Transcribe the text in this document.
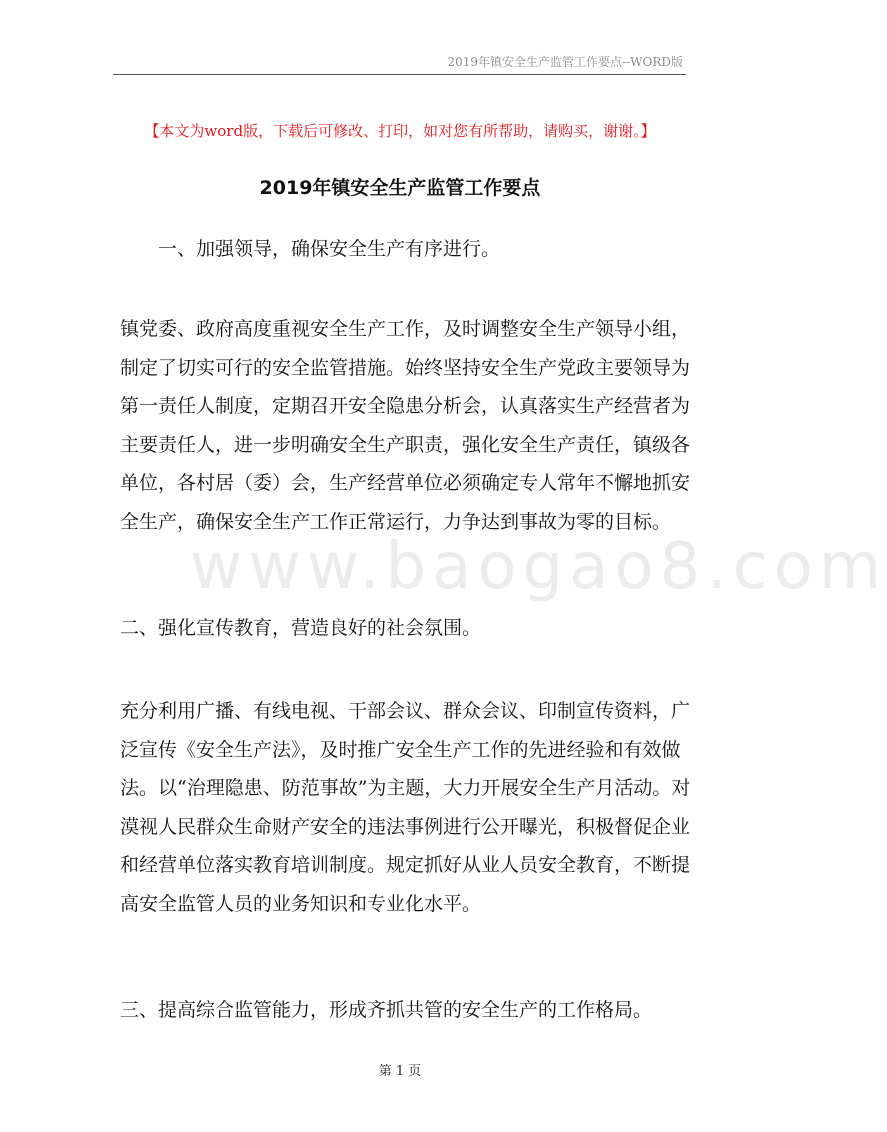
2019年镇安全生产监管工作要点--WORD版
【本文为word版，下载后可修改、打印，如对您有所帮助，请购买，谢谢。】
2019年镇安全生产监管工作要点
www.baogao8.com
一、加强领导，确保安全生产有序进行。
镇党委、政府高度重视安全生产工作，及时调整安全生产领导小组，
制定了切实可行的安全监管措施。始终坚持安全生产党政主要领导为
第一责任人制度，定期召开安全隐患分析会，认真落实生产经营者为
主要责任人，进一步明确安全生产职责，强化安全生产责任，镇级各
单位，各村居（委）会，生产经营单位必须确定专人常年不懈地抓安
全生产，确保安全生产工作正常运行，力争达到事故为零的目标。
二、强化宣传教育，营造良好的社会氛围。
充分利用广播、有线电视、干部会议、群众会议、印制宣传资料，广
泛宣传《安全生产法》，及时推广安全生产工作的先进经验和有效做
法。以“治理隐患、防范事故”为主题，大力开展安全生产月活动。对
漠视人民群众生命财产安全的违法事例进行公开曝光，积极督促企业
和经营单位落实教育培训制度。规定抓好从业人员安全教育，不断提
高安全监管人员的业务知识和专业化水平。
三、提高综合监管能力，形成齐抓共管的安全生产的工作格局。
第 1 页
